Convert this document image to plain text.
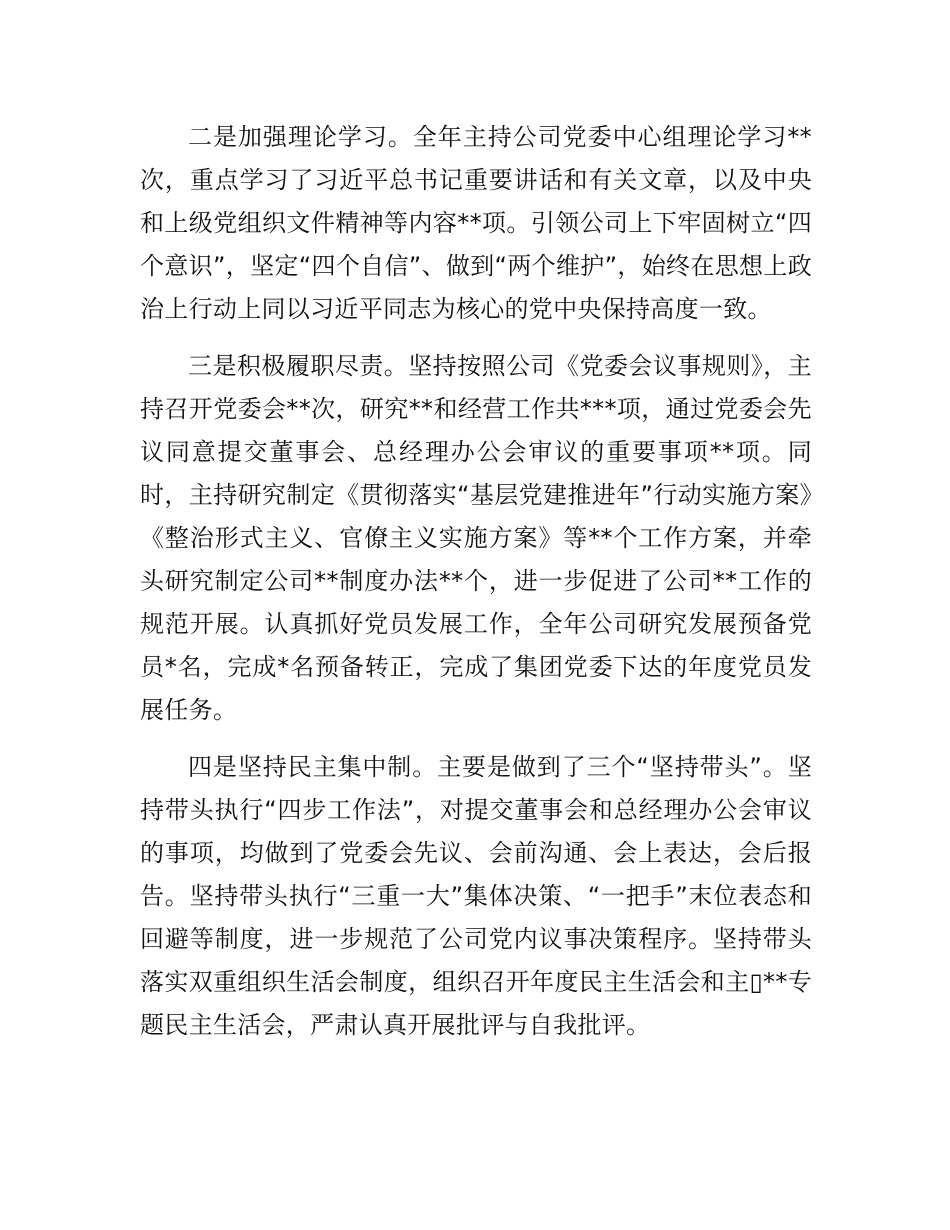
二是加强理论学习。全年主持公司党委中心组理论学习**次，重点学习了习近平总书记重要讲话和有关文章，以及中央和上级党组织文件精神等内容**项。引领公司上下牢固树立“四个意识”，坚定“四个自信”、做到“两个维护”，始终在思想上政治上行动上同以习近平同志为核心的党中央保持高度一致。

三是积极履职尽责。坚持按照公司《党委会议事规则》，主持召开党委会**次，研究**和经营工作共***项，通过党委会先议同意提交董事会、总经理办公会审议的重要事项**项。同时，主持研究制定《贯彻落实“基层党建推进年”行动实施方案》《整治形式主义、官僚主义实施方案》等**个工作方案，并牵头研究制定公司**制度办法**个，进一步促进了公司**工作的规范开展。认真抓好党员发展工作，全年公司研究发展预备党员*名，完成*名预备转正，完成了集团党委下达的年度党员发展任务。

四是坚持民主集中制。主要是做到了三个“坚持带头”。坚持带头执行“四步工作法”，对提交董事会和总经理办公会审议的事项，均做到了党委会先议、会前沟通、会上表达，会后报告。坚持带头执行“三重一大”集体决策、“一把手”末位表态和回避等制度，进一步规范了公司党内议事决策程序。坚持带头落实双重组织生活会制度，组织召开年度民主生活会和主▯**专题民主生活会，严肃认真开展批评与自我批评。
